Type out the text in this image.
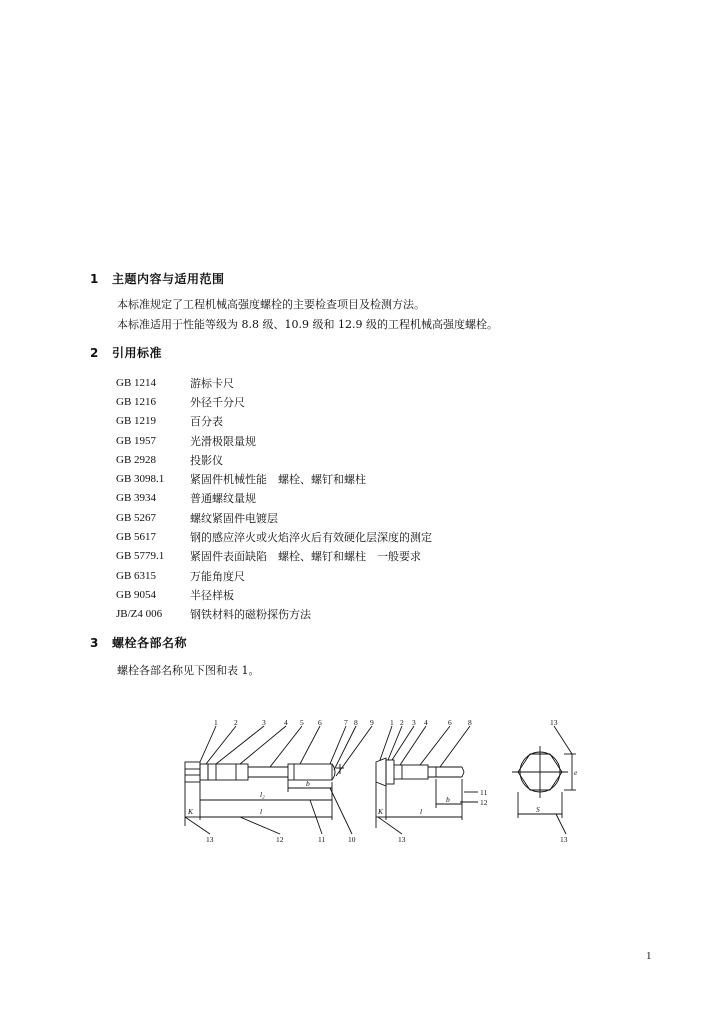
1 主题内容与适用范围
本标准规定了工程机械高强度螺栓的主要检查项目及检测方法。
本标准适用于性能等级为 8.8 级、10.9 级和 12.9 级的工程机械高强度螺栓。
2 引用标准
GB 1214	游标卡尺
GB 1216	外径千分尺
GB 1219	百分表
GB 1957	光滑极限量规
GB 2928	投影仪
GB 3098.1	紧固件机械性能　螺栓、螺钉和螺柱
GB 3934	普通螺纹量规
GB 5267	螺纹紧固件电镀层
GB 5617	钢的感应淬火或火焰淬火后有效硬化层深度的测定
GB 5779.1	紧固件表面缺陷　螺栓、螺钉和螺柱　一般要求
GB 6315	万能角度尺
GB 9054	半径样板
JB/Z4 006	钢铁材料的磁粉探伤方法
3 螺栓各部名称
螺栓各部名称见下图和表 1。
1 2	3 4 5 6	7 8 9
l₂
b
K	l
13	12	11	10
1 2 3 4	6 8
11
12
K	l
b
13
13
e
S
13
1
